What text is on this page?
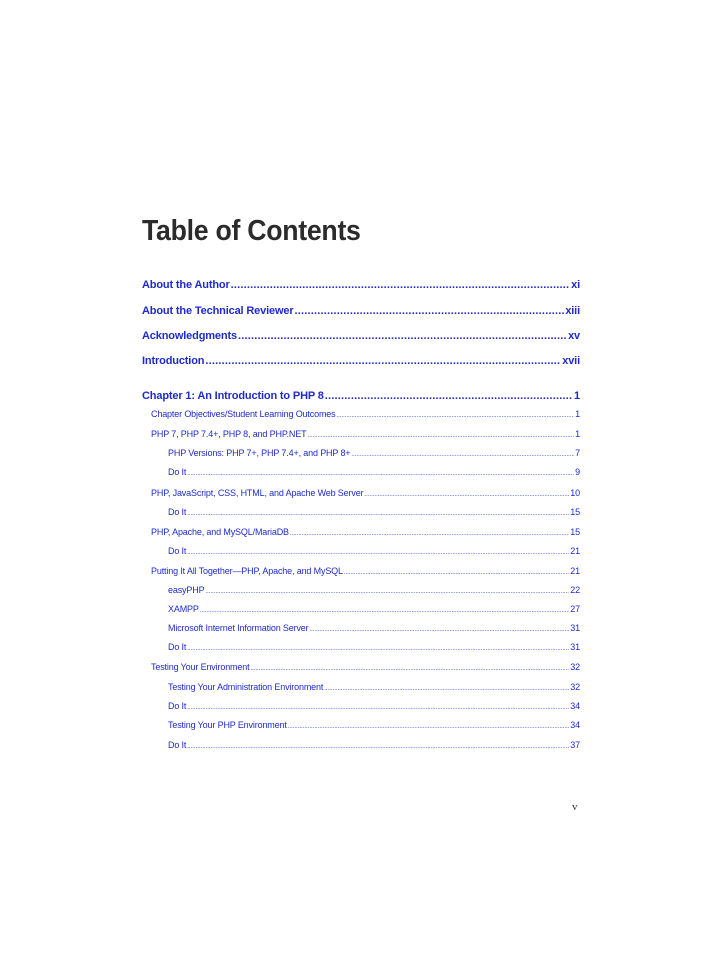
Table of Contents
About the Author .....	xi
About the Technical Reviewer .....	xiii
Acknowledgments .....	xv
Introduction .....	xvii
Chapter 1: An Introduction to PHP 8 .....	1
Chapter Objectives/Student Learning Outcomes .....	1
PHP 7, PHP 7.4+, PHP 8, and PHP.NET .....	1
PHP Versions: PHP 7+, PHP 7.4+, and PHP 8+ .....	7
Do It .....	9
PHP, JavaScript, CSS, HTML, and Apache Web Server .....	10
Do It .....	15
PHP, Apache, and MySQL/MariaDB .....	15
Do It .....	21
Putting It All Together—PHP, Apache, and MySQL .....	21
easyPHP .....	22
XAMPP .....	27
Microsoft Internet Information Server .....	31
Do It .....	31
Testing Your Environment .....	32
Testing Your Administration Environment .....	32
Do It .....	34
Testing Your PHP Environment .....	34
Do It .....	37
v
